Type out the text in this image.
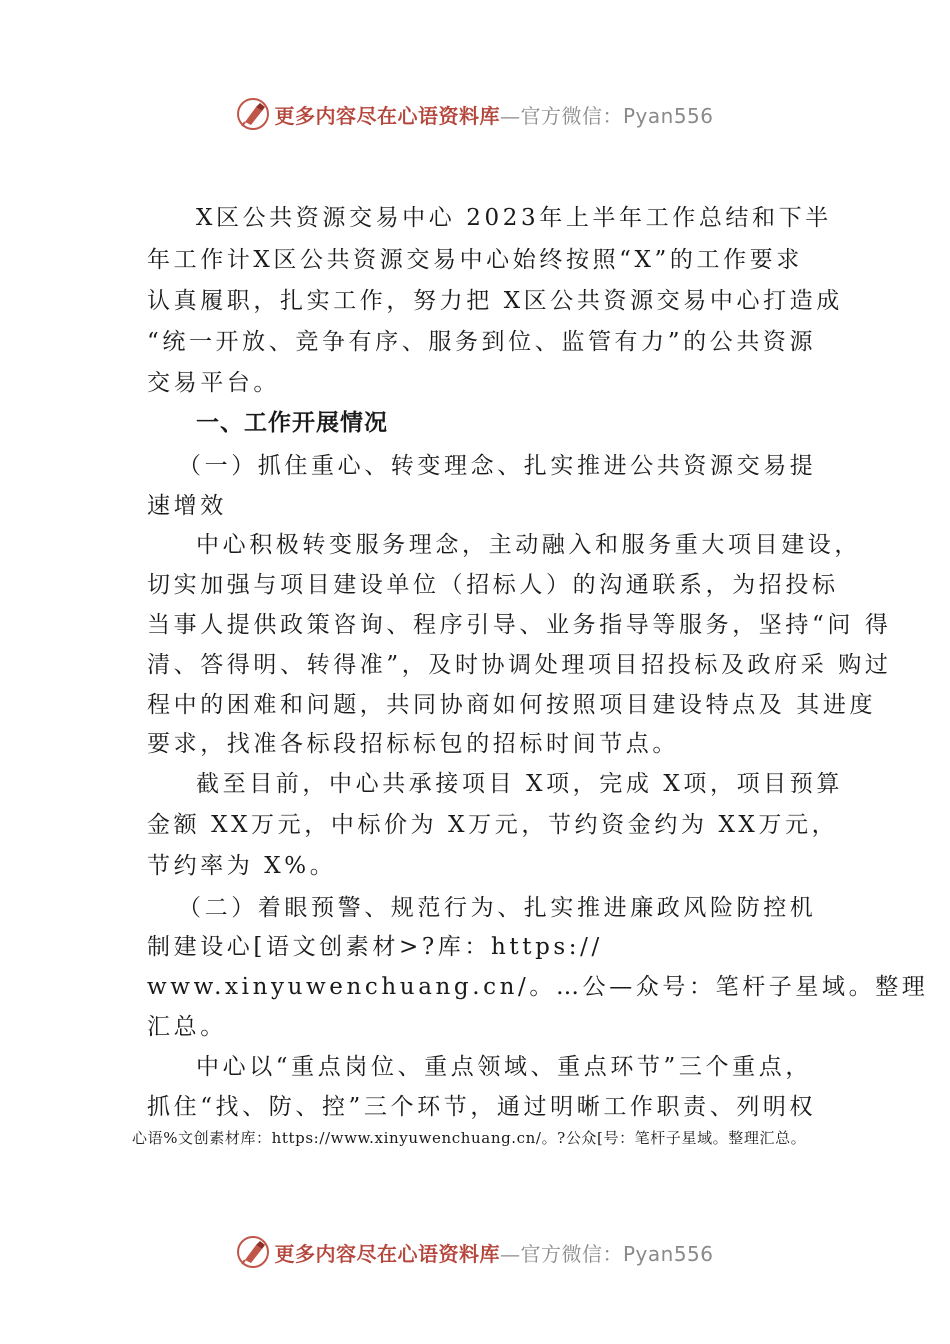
更多内容尽在心语资料库—官方微信：Pyan556
X区公共资源交易中心 2023年上半年工作总结和下半
年工作计X区公共资源交易中心始终按照“X”的工作要求
认真履职，扎实工作，努力把 X区公共资源交易中心打造成
“统一开放、竞争有序、服务到位、监管有力”的公共资源
交易平台。
一、工作开展情况
（一）抓住重心、转变理念、扎实推进公共资源交易提
速增效
中心积极转变服务理念，主动融入和服务重大项目建设，
切实加强与项目建设单位（招标人）的沟通联系，为招投标
当事人提供政策咨询、程序引导、业务指导等服务，坚持“问 得
清、答得明、转得准”，及时协调处理项目招投标及政府采 购过
程中的困难和问题，共同协商如何按照项目建设特点及 其进度
要求，找准各标段招标标包的招标时间节点。
截至目前，中心共承接项目 X项，完成 X项，项目预算
金额 XX万元，中标价为 X万元，节约资金约为 XX万元，
节约率为 X%。
（二）着眼预警、规范行为、扎实推进廉政风险防控机
制建设心[语文创素材>?库：https://
www.xinyuwenchuang.cn/。…公—众号：笔杆子星域。整理
汇总。
中心以“重点岗位、重点领域、重点环节”三个重点，
抓住“找、防、控”三个环节，通过明晰工作职责、列明权
心语%文创素材库：https://www.xinyuwenchuang.cn/。?公众[号：笔杆子星域。整理汇总。
更多内容尽在心语资料库—官方微信：Pyan556
